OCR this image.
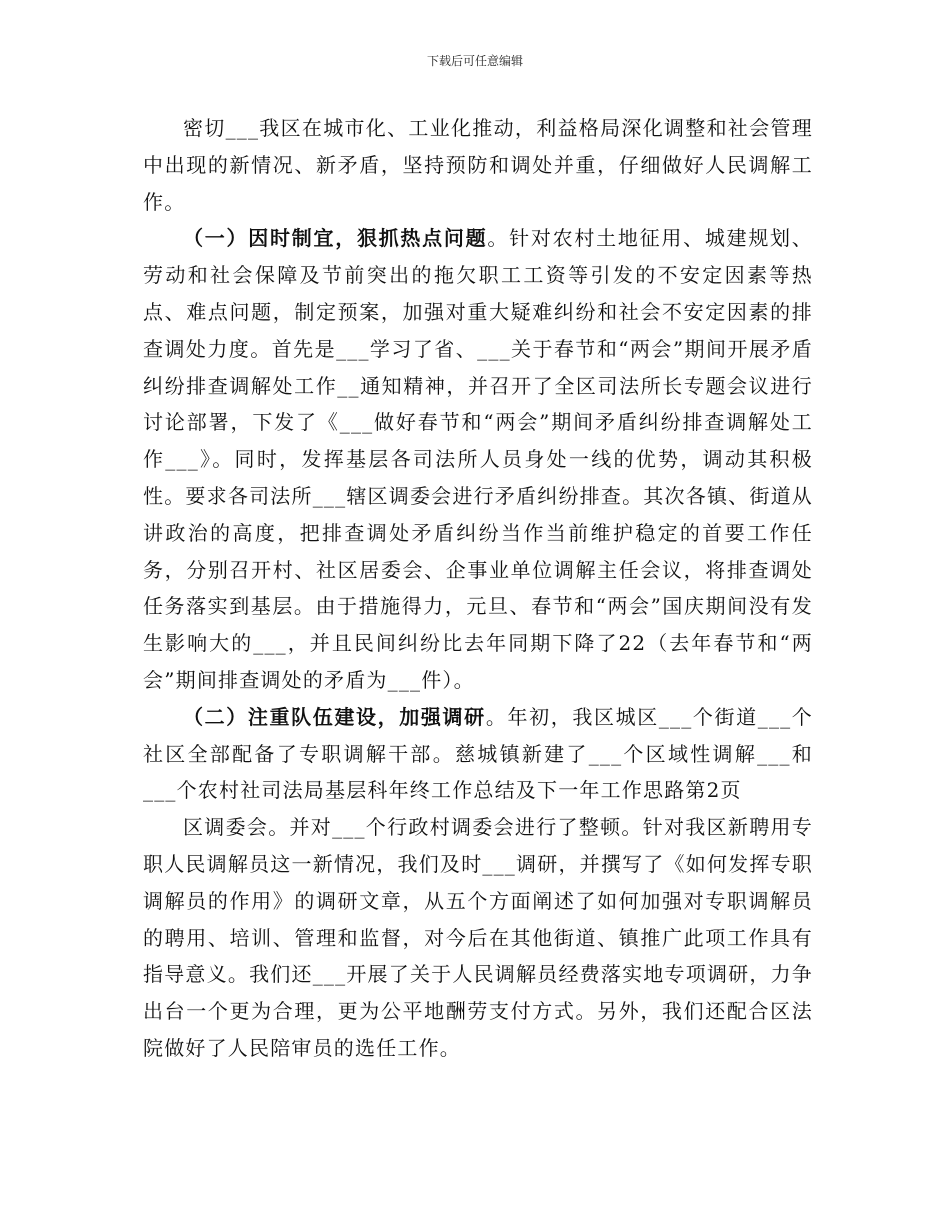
下载后可任意编辑

密切___我区在城市化、工业化推动，利益格局深化调整和社会管理中出现的新情况、新矛盾，坚持预防和调处并重，仔细做好人民调解工作。

（一）因时制宜，狠抓热点问题。针对农村土地征用、城建规划、劳动和社会保障及节前突出的拖欠职工工资等引发的不安定因素等热点、难点问题，制定预案，加强对重大疑难纠纷和社会不安定因素的排查调处力度。首先是___学习了省、___关于春节和“两会”期间开展矛盾纠纷排查调解处工作__通知精神，并召开了全区司法所长专题会议进行讨论部署，下发了《___做好春节和“两会”期间矛盾纠纷排查调解处工作___》。同时，发挥基层各司法所人员身处一线的优势，调动其积极性。要求各司法所___辖区调委会进行矛盾纠纷排查。其次各镇、街道从讲政治的高度，把排查调处矛盾纠纷当作当前维护稳定的首要工作任务，分别召开村、社区居委会、企事业单位调解主任会议，将排查调处任务落实到基层。由于措施得力，元旦、春节和“两会”国庆期间没有发生影响大的___，并且民间纠纷比去年同期下降了22（去年春节和“两会”期间排查调处的矛盾为___件）。

（二）注重队伍建设，加强调研。年初，我区城区___个街道___个社区全部配备了专职调解干部。慈城镇新建了___个区域性调解___和___个农村社司法局基层科年终工作总结及下一年工作思路第2页

区调委会。并对___个行政村调委会进行了整顿。针对我区新聘用专职人民调解员这一新情况，我们及时___调研，并撰写了《如何发挥专职调解员的作用》的调研文章，从五个方面阐述了如何加强对专职调解员的聘用、培训、管理和监督，对今后在其他街道、镇推广此项工作具有指导意义。我们还___开展了关于人民调解员经费落实地专项调研，力争出台一个更为合理，更为公平地酬劳支付方式。另外，我们还配合区法院做好了人民陪审员的选任工作。
